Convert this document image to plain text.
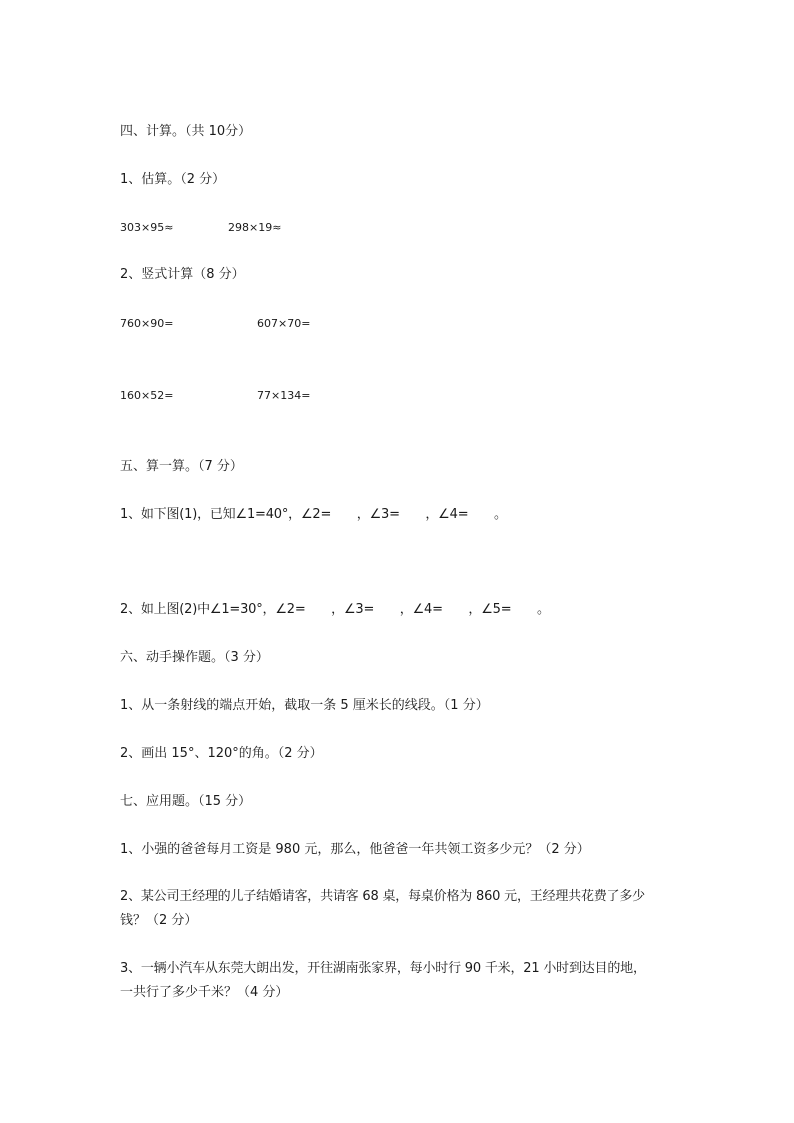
四、计算。（共 10分）
1、估算。（2 分）
303×95≈	298×19≈
2、竖式计算（8 分）
760×90=	607×70=
160×52=	77×134=
五、算一算。（7 分）
1、如下图(1)，已知∠1=40°，∠2=　　，∠3=　　，∠4=　　。
2、如上图(2)中∠1=30°，∠2=　　，∠3=　　，∠4=　　，∠5=　　。
六、动手操作题。（3 分）
1、从一条射线的端点开始，截取一条 5 厘米长的线段。（1 分）
2、画出 15°、120°的角。（2 分）
七、应用题。（15 分）
1、小强的爸爸每月工资是 980 元，那么，他爸爸一年共领工资多少元？（2 分）
2、某公司王经理的儿子结婚请客，共请客 68 桌，每桌价格为 860 元，王经理共花费了多少
钱？（2 分）
3、一辆小汽车从东莞大朗出发，开往湖南张家界，每小时行 90 千米，21 小时到达目的地，
一共行了多少千米？（4 分）
